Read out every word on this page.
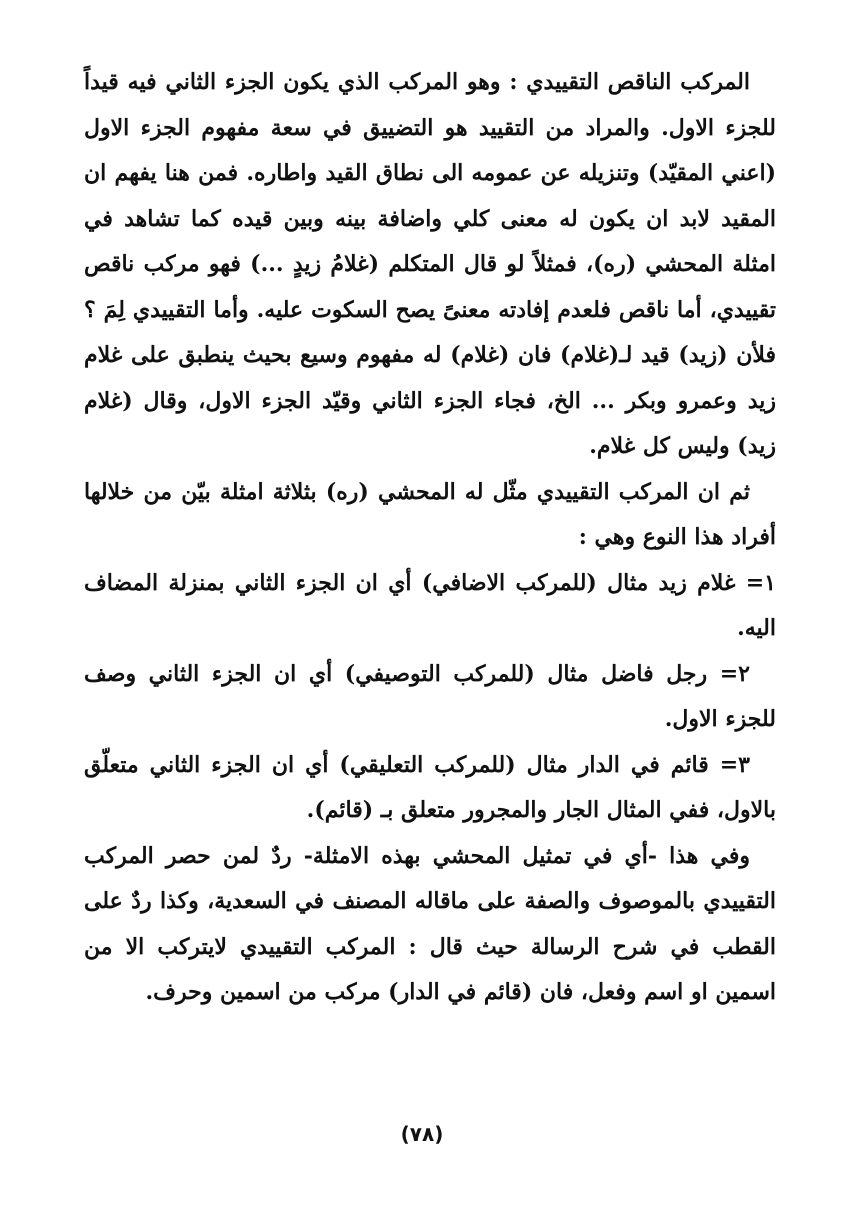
المركب الناقص التقييدي : وهو المركب الذي يكون الجزء الثاني فيه قيداً للجزء الاول. والمراد من التقييد هو التضييق في سعة مفهوم الجزء الاول (اعني المقيّد) وتنزيله عن عمومه الى نطاق القيد واطاره. فمن هنا يفهم ان المقيد لابد ان يكون له معنى كلي واضافة بينه وبين قيده كما تشاهد في امثلة المحشي (ره)، فمثلاً لو قال المتكلم (غلامُ زيدٍ ...) فهو مركب ناقص تقييدي، أما ناقص فلعدم إفادته معنىً يصح السكوت عليه. وأما التقييدي لِمَ ؟ فلأن (زيد) قيد لـ(غلام) فان (غلام) له مفهوم وسيع بحيث ينطبق على غلام زيد وعمرو وبكر ... الخ، فجاء الجزء الثاني وقيّد الجزء الاول، وقال (غلام زيد) وليس كل غلام.

ثم ان المركب التقييدي مثّل له المحشي (ره) بثلاثة امثلة بيّن من خلالها أفراد هذا النوع وهي :

١= غلام زيد مثال (للمركب الاضافي) أي ان الجزء الثاني بمنزلة المضاف اليه.

٢= رجل فاضل مثال (للمركب التوصيفي) أي ان الجزء الثاني وصف للجزء الاول.

٣= قائم في الدار مثال (للمركب التعليقي) أي ان الجزء الثاني متعلّق بالاول، ففي المثال الجار والمجرور متعلق بـ (قائم).

وفي هذا -أي في تمثيل المحشي بهذه الامثلة- ردٌ لمن حصر المركب التقييدي بالموصوف والصفة على ماقاله المصنف في السعدية، وكذا ردٌ على القطب في شرح الرسالة حيث قال : المركب التقييدي لايتركب الا من اسمين او اسم وفعل، فان (قائم في الدار) مركب من اسمين وحرف.

(٧٨)
